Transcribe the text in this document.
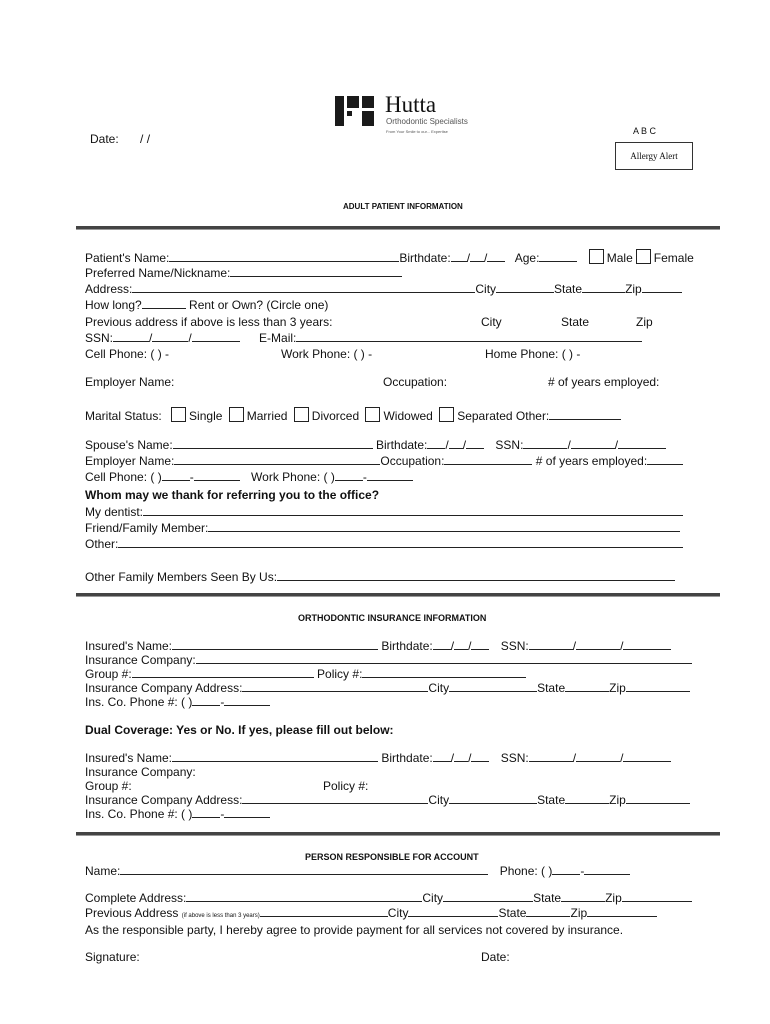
Hutta
Orthodontic Specialists
From Your Smile to our... Expertise
Date: / /
A B C
Allergy Alert
ADULT PATIENT INFORMATION
Patient's Name:	Birthdate: / / Age:	Male Female
Preferred Name/Nickname:
Address:	City	State	Zip
How long?	Rent or Own? (Circle one)
Previous address if above is less than 3 years:	City	State	Zip
SSN:	/	/	E-Mail:
Cell Phone: ( ) -	Work Phone: ( ) -	Home Phone: ( ) -
Employer Name:	Occupation:	# of years employed:
Marital Status: Single Married Divorced Widowed Separated Other:
Spouse's Name:	Birthdate: / / SSN:	/	/
Employer Name:	Occupation:	# of years employed:
Cell Phone: ( ) -	Work Phone: ( ) -
Whom may we thank for referring you to the office?
My dentist:
Friend/Family Member:
Other:
Other Family Members Seen By Us:
ORTHODONTIC INSURANCE INFORMATION
Insured's Name:	Birthdate: / / SSN:	/	/
Insurance Company:
Group #:	Policy #:
Insurance Company Address:	City	State	Zip
Ins. Co. Phone #: ( ) -
Dual Coverage: Yes or No. If yes, please fill out below:
Insured's Name:	Birthdate: / / SSN:	/	/
Insurance Company:
Group #:	Policy #:
Insurance Company Address:	City	State	Zip
Ins. Co. Phone #: ( ) -
PERSON RESPONSIBLE FOR ACCOUNT
Name:	Phone: ( ) -
Complete Address:	City	State	Zip
Previous Address (if above is less than 3 years)	City	State	Zip
As the responsible party, I hereby agree to provide payment for all services not covered by insurance.
Signature:	Date:
